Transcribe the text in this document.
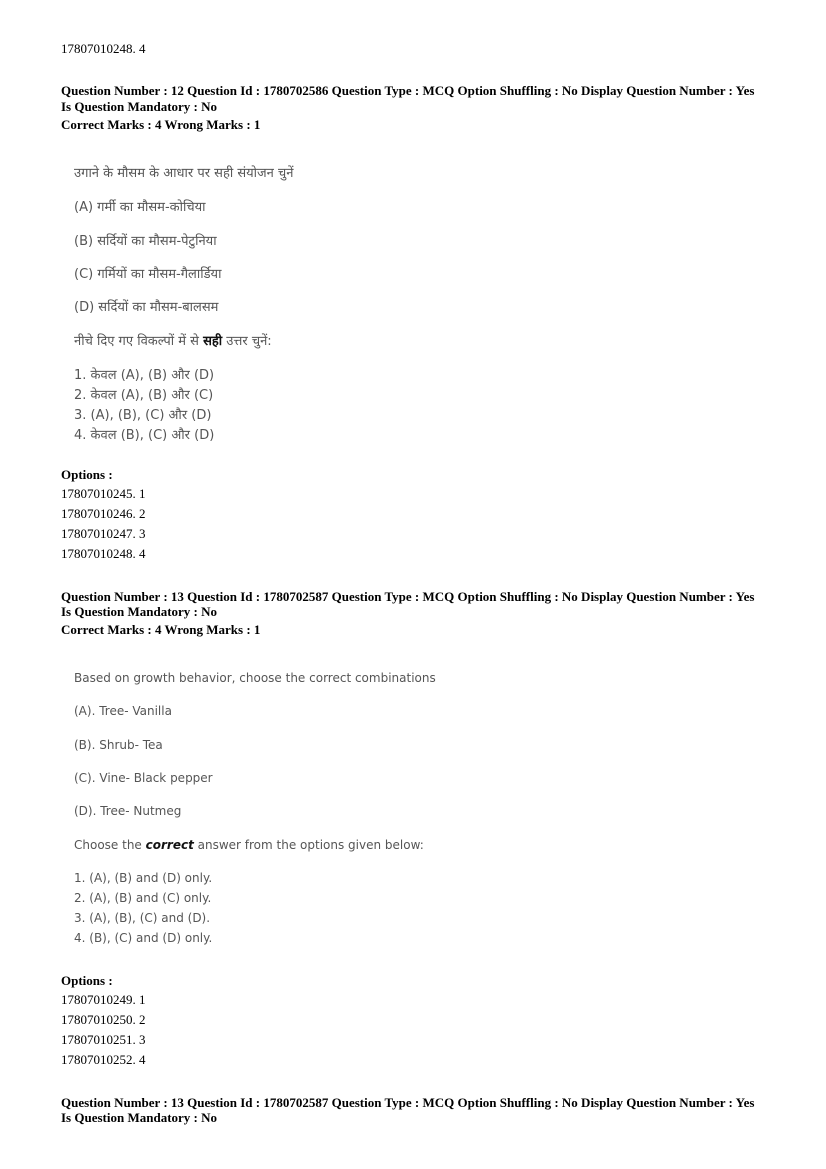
17807010248. 4
Question Number : 12 Question Id : 1780702586 Question Type : MCQ Option Shuffling : No Display Question Number : Yes
Is Question Mandatory : No
Correct Marks : 4 Wrong Marks : 1
उगाने के मौसम के आधार पर सही संयोजन चुनें
(A) गर्मी का मौसम-कोचिया
(B) सर्दियों का मौसम-पेटुनिया
(C) गर्मियों का मौसम-गैलार्डिया
(D) सर्दियों का मौसम-बालसम
नीचे दिए गए विकल्पों में से सही उत्तर चुनें:
1. केवल (A), (B) और (D)
2. केवल (A), (B) और (C)
3. (A), (B), (C) और (D)
4. केवल (B), (C) और (D)
Options :
17807010245. 1
17807010246. 2
17807010247. 3
17807010248. 4
Question Number : 13 Question Id : 1780702587 Question Type : MCQ Option Shuffling : No Display Question Number : Yes
Is Question Mandatory : No
Correct Marks : 4 Wrong Marks : 1
Based on growth behavior, choose the correct combinations
(A). Tree- Vanilla
(B). Shrub- Tea
(C). Vine- Black pepper
(D). Tree- Nutmeg
Choose the correct answer from the options given below:
1. (A), (B) and (D) only.
2. (A), (B) and (C) only.
3. (A), (B), (C) and (D).
4. (B), (C) and (D) only.
Options :
17807010249. 1
17807010250. 2
17807010251. 3
17807010252. 4
Question Number : 13 Question Id : 1780702587 Question Type : MCQ Option Shuffling : No Display Question Number : Yes
Is Question Mandatory : No
